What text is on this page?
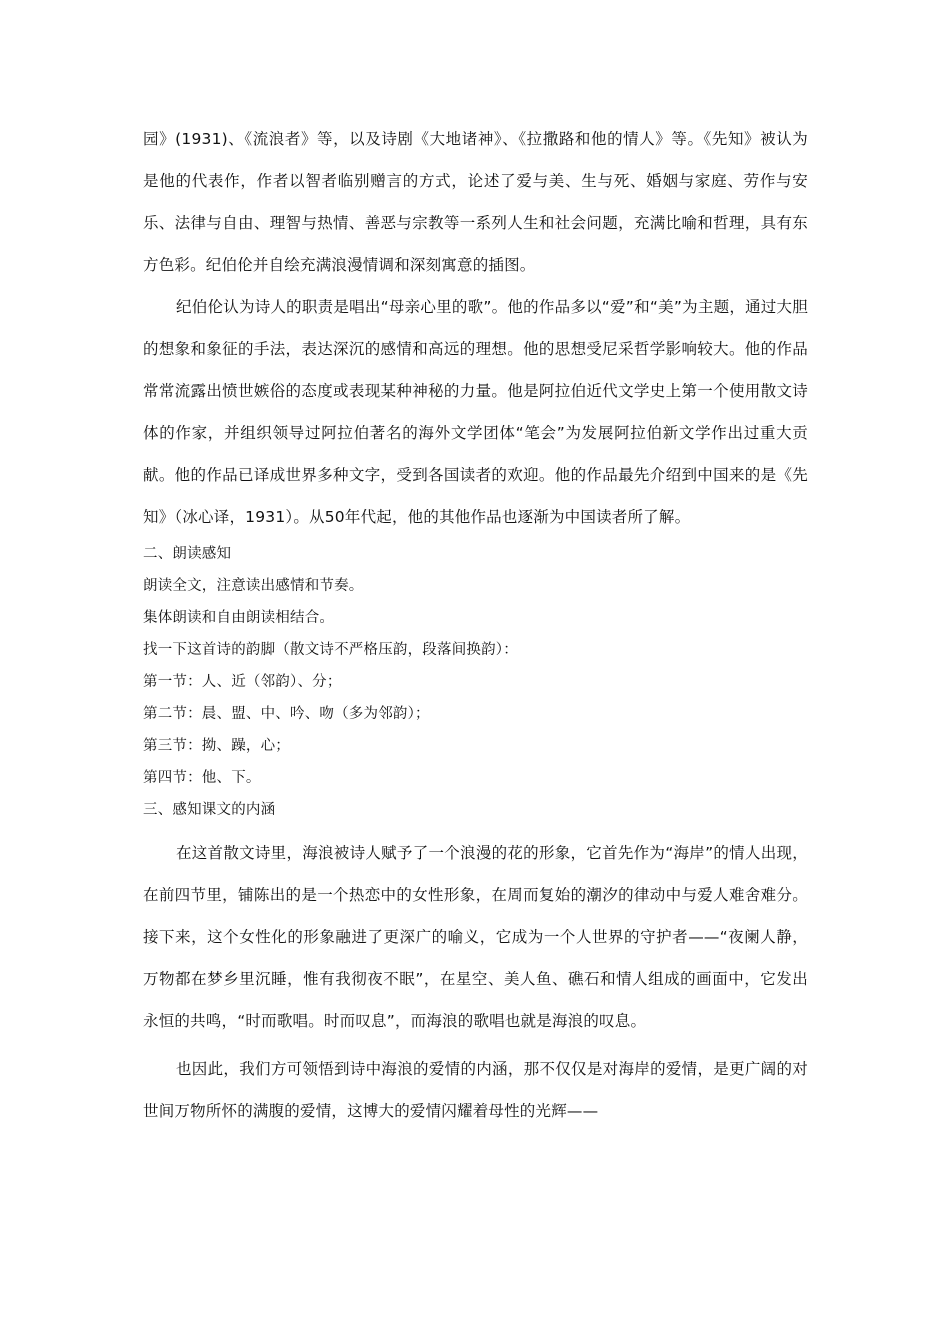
园》(1931)、《流浪者》等，以及诗剧《大地诸神》、《拉撒路和他的情人》等。《先知》被认为是他的代表作，作者以智者临别赠言的方式，论述了爱与美、生与死、婚姻与家庭、劳作与安乐、法律与自由、理智与热情、善恶与宗教等一系列人生和社会问题，充满比喻和哲理，具有东方色彩。纪伯伦并自绘充满浪漫情调和深刻寓意的插图。

纪伯伦认为诗人的职责是唱出“母亲心里的歌”。他的作品多以“爱”和“美”为主题，通过大胆的想象和象征的手法，表达深沉的感情和高远的理想。他的思想受尼采哲学影响较大。他的作品常常流露出愤世嫉俗的态度或表现某种神秘的力量。他是阿拉伯近代文学史上第一个使用散文诗体的作家，并组织领导过阿拉伯著名的海外文学团体“笔会”为发展阿拉伯新文学作出过重大贡献。他的作品已译成世界多种文字，受到各国读者的欢迎。他的作品最先介绍到中国来的是《先知》（冰心译，1931）。从50年代起，他的其他作品也逐渐为中国读者所了解。

二、朗读感知

朗读全文，注意读出感情和节奏。

集体朗读和自由朗读相结合。

找一下这首诗的韵脚（散文诗不严格压韵，段落间换韵）：

第一节：人、近（邻韵）、分；

第二节：晨、盟、中、吟、吻（多为邻韵）；

第三节：拗、躁，心；

第四节：他、下。

三、感知课文的内涵

在这首散文诗里，海浪被诗人赋予了一个浪漫的花的形象，它首先作为“海岸”的情人出现，在前四节里，铺陈出的是一个热恋中的女性形象，在周而复始的潮汐的律动中与爱人难舍难分。接下来，这个女性化的形象融进了更深广的喻义，它成为一个人世界的守护者——“夜阑人静，万物都在梦乡里沉睡，惟有我彻夜不眠”，在星空、美人鱼、礁石和情人组成的画面中，它发出永恒的共鸣，“时而歌唱。时而叹息”，而海浪的歌唱也就是海浪的叹息。

也因此，我们方可领悟到诗中海浪的爱情的内涵，那不仅仅是对海岸的爱情，是更广阔的对世间万物所怀的满腹的爱情，这博大的爱情闪耀着母性的光辉——
